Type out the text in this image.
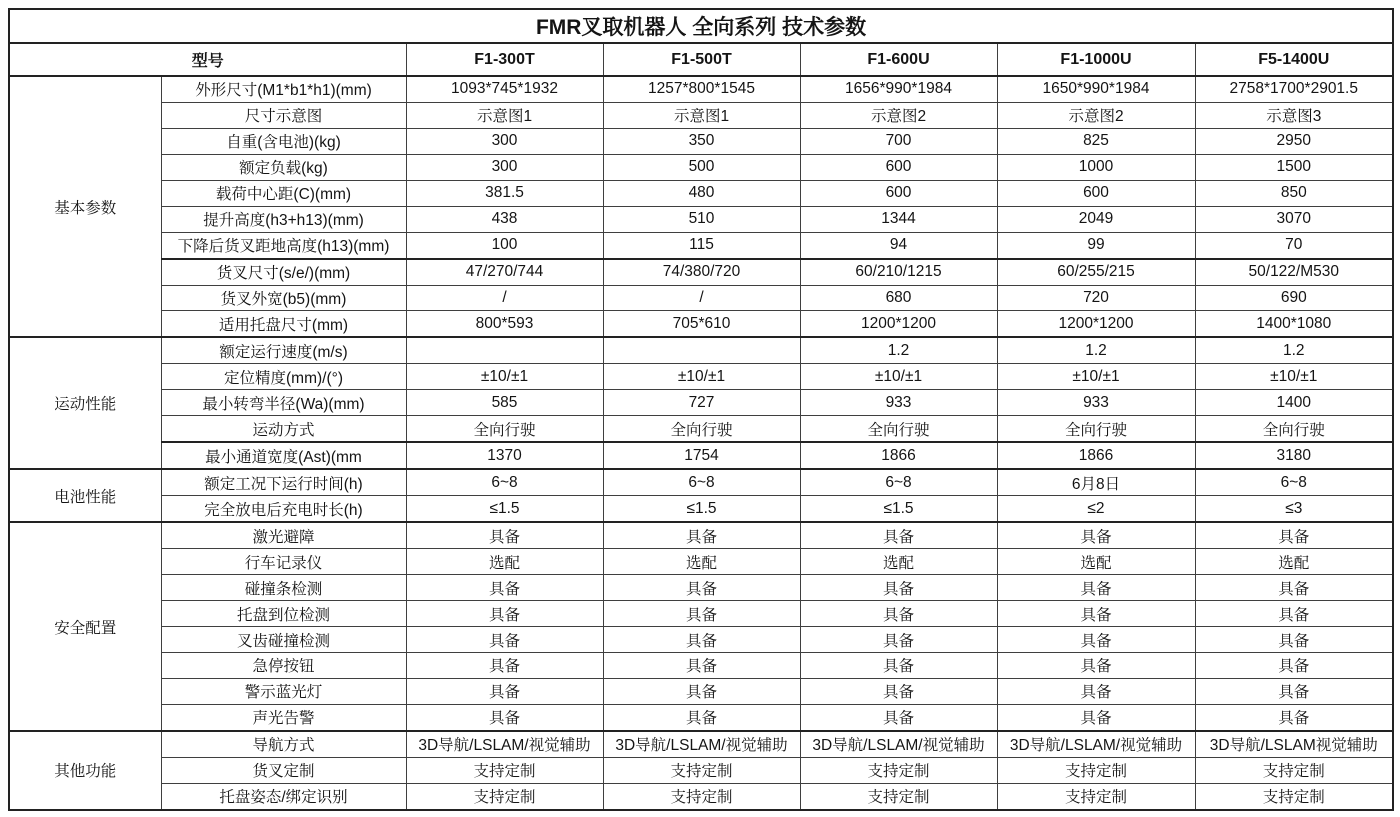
FMR叉取机器人 全向系列 技术参数						
型号		F1-300T	F1-500T	F1-600U	F1-1000U	F5-1400U
基本参数	外形尺寸(M1*b1*h1)(mm)	1093*745*1932	1257*800*1545	1656*990*1984	1650*990*1984	2758*1700*2901.5
	尺寸示意图	示意图1	示意图1	示意图2	示意图2	示意图3
	自重(含电池)(kg)	300	350	700	825	2950
	额定负载(kg)	300	500	600	1000	1500
	载荷中心距(C)(mm)	381.5	480	600	600	850
	提升高度(h3+h13)(mm)	438	510	1344	2049	3070
	下降后货叉距地高度(h13)(mm)	100	115	94	99	70
	货叉尺寸(s/e/)(mm)	47/270/744	74/380/720	60/210/1215	60/255/215	50/122/M530
	货叉外宽(b5)(mm)	/	/	680	720	690
	适用托盘尺寸(mm)	800*593	705*610	1200*1200	1200*1200	1400*1080
运动性能	额定运行速度(m/s)			1.2	1.2	1.2
	定位精度(mm)/(°)	±10/±1	±10/±1	±10/±1	±10/±1	±10/±1
	最小转弯半径(Wa)(mm)	585	727	933	933	1400
	运动方式	全向行驶	全向行驶	全向行驶	全向行驶	全向行驶
	最小通道宽度(Ast)(mm	1370	1754	1866	1866	3180
电池性能	额定工况下运行时间(h)	6~8	6~8	6~8	6月8日	6~8
	完全放电后充电时长(h)	≤1.5	≤1.5	≤1.5	≤2	≤3
安全配置	激光避障	具备	具备	具备	具备	具备
	行车记录仪	选配	选配	选配	选配	选配
	碰撞条检测	具备	具备	具备	具备	具备
	托盘到位检测	具备	具备	具备	具备	具备
	叉齿碰撞检测	具备	具备	具备	具备	具备
	急停按钮	具备	具备	具备	具备	具备
	警示蓝光灯	具备	具备	具备	具备	具备
	声光告警	具备	具备	具备	具备	具备
其他功能	导航方式	3D导航/LSLAM/视觉辅助	3D导航/LSLAM/视觉辅助	3D导航/LSLAM/视觉辅助	3D导航/LSLAM/视觉辅助	3D导航/LSLAM视觉辅助
	货叉定制	支持定制	支持定制	支持定制	支持定制	支持定制
	托盘姿态/绑定识别	支持定制	支持定制	支持定制	支持定制	支持定制
